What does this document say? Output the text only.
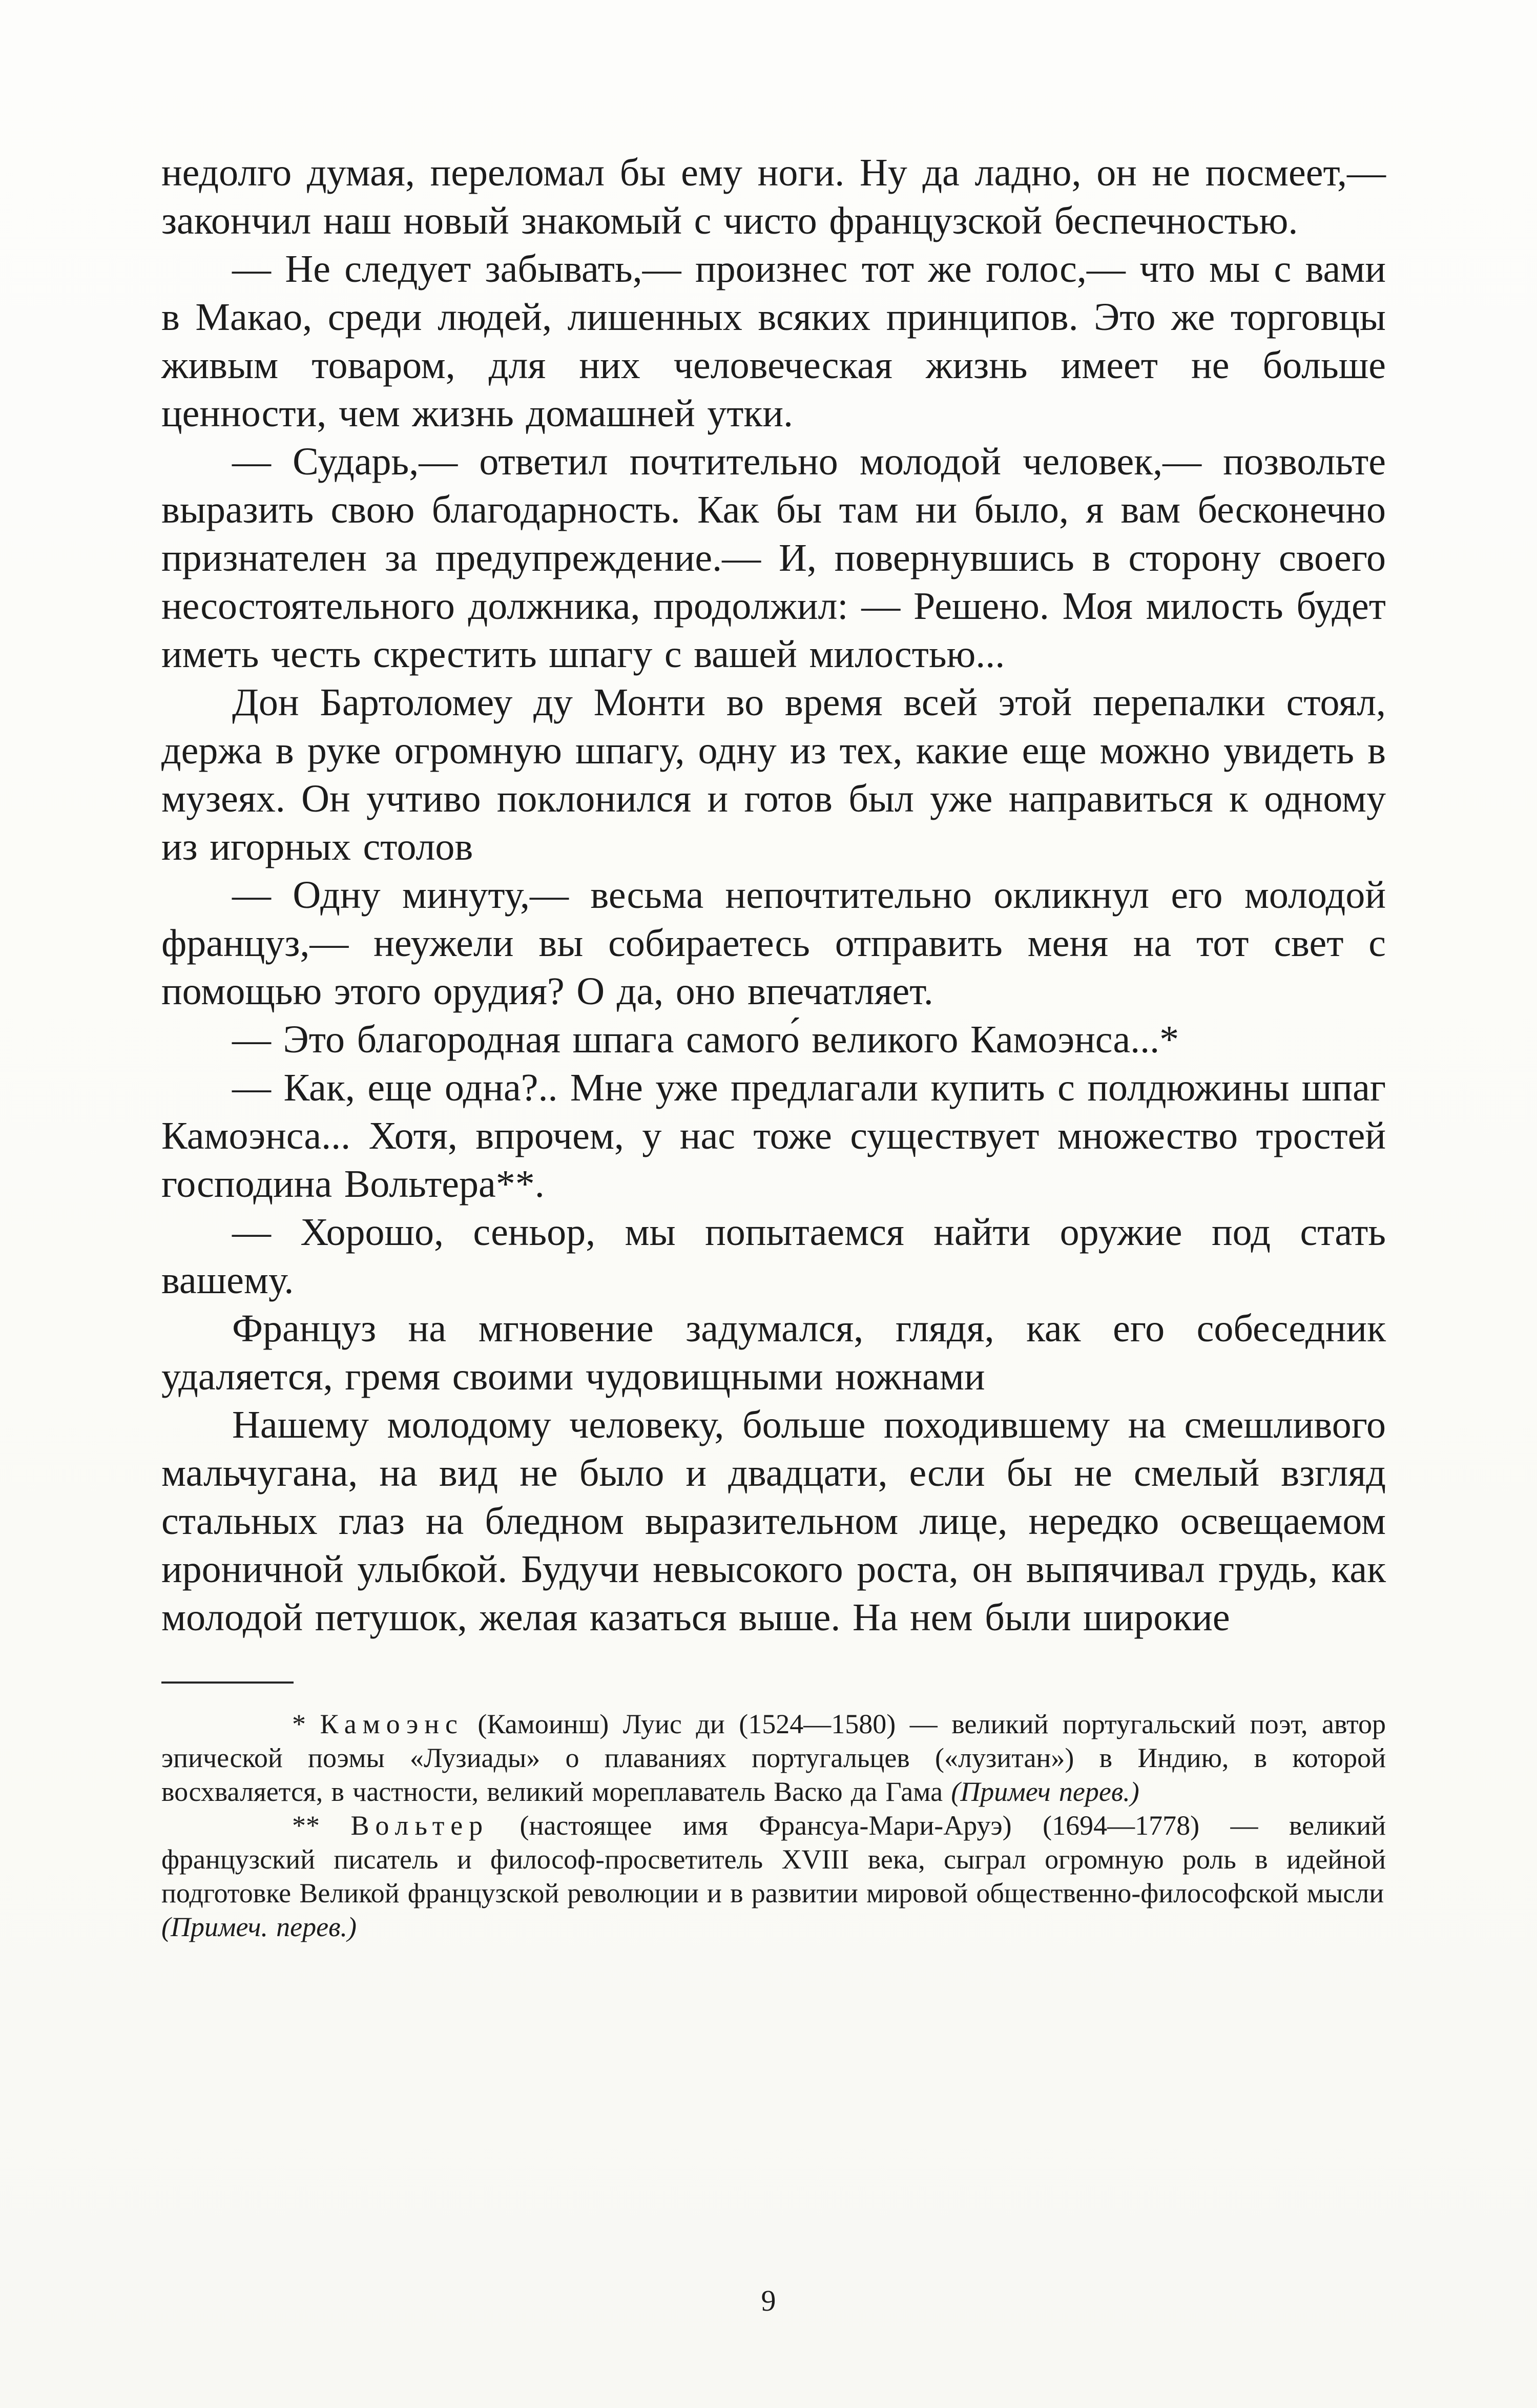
недолго думая, переломал бы ему ноги. Ну да ладно, он не посмеет,— закончил наш новый знакомый с чисто французской беспечностью.

— Не следует забывать,— произнес тот же голос,— что мы с вами в Макао, среди людей, лишенных всяких принципов. Это же торговцы живым товаром, для них человеческая жизнь имеет не больше ценности, чем жизнь домашней утки.

— Сударь,— ответил почтительно молодой человек,— позвольте выразить свою благодарность. Как бы там ни было, я вам бесконечно признателен за предупреждение.— И, повернувшись в сторону своего несостоятельного должника, продолжил: — Решено. Моя милость будет иметь честь скрестить шпагу с вашей милостью...

Дон Бартоломеу ду Монти во время всей этой перепалки стоял, держа в руке огромную шпагу, одну из тех, какие еще можно увидеть в музеях. Он учтиво поклонился и готов был уже направиться к одному из игорных столов

— Одну минуту,— весьма непочтительно окликнул его молодой француз,— неужели вы собираетесь отправить меня на тот свет с помощью этого орудия? О да, оно впечатляет.

— Это благородная шпага самого́ великого Камоэнса...*

— Как, еще одна?.. Мне уже предлагали купить с полдюжины шпаг Камоэнса... Хотя, впрочем, у нас тоже существует множество тростей господина Вольтера**.

— Хорошо, сеньор, мы попытаемся найти оружие под стать вашему.

Француз на мгновение задумался, глядя, как его собеседник удаляется, гремя своими чудовищными ножнами

Нашему молодому человеку, больше походившему на смешливого мальчугана, на вид не было и двадцати, если бы не смелый взгляд стальных глаз на бледном выразительном лице, нередко освещаемом ироничной улыбкой. Будучи невысокого роста, он выпячивал грудь, как молодой петушок, желая казаться выше. На нем были широкие

* Камоэнс (Камоинш) Луис ди (1524—1580) — великий португальский поэт, автор эпической поэмы «Лузиады» о плаваниях португальцев («лузитан») в Индию, в которой восхваляется, в частности, великий мореплаватель Васко да Гама (Примеч перев.)

** Вольтер (настоящее имя Франсуа-Мари-Аруэ) (1694—1778) — великий французский писатель и философ-просветитель XVIII века, сыграл огромную роль в идейной подготовке Великой французской революции и в развитии мировой общественно-философской мысли
(Примеч. перев.)

9
